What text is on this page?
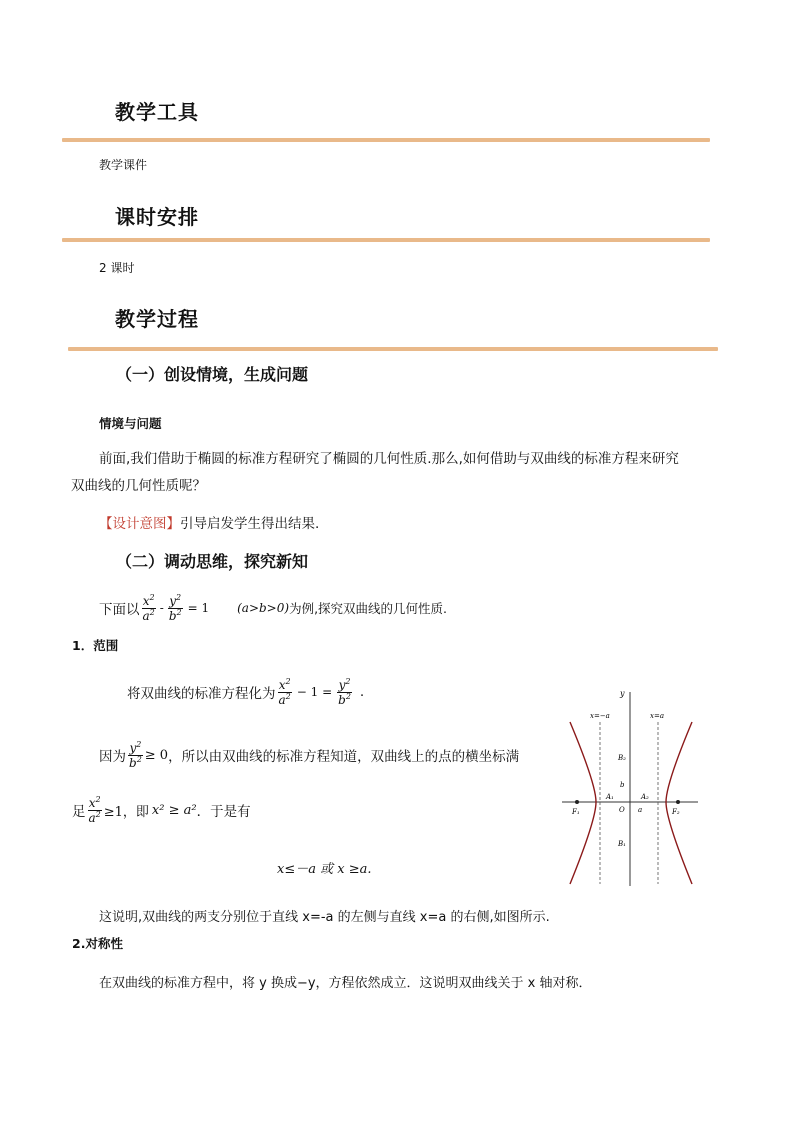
教学工具
教学课件
课时安排
2 课时
教学过程
（一）创设情境，生成问题
情境与问题
前面,我们借助于椭圆的标准方程研究了椭圆的几何性质.那么,如何借助与双曲线的标准方程来研究
双曲线的几何性质呢？
【设计意图】引导启发学生得出结果.
（二）调动思维，探究新知
下面以 $\frac{x^2}{a^2} - \frac{y^2}{b^2} = 1$ (a>b>0) 为例,探究双曲线的几何性质.
1．范围
将双曲线的标准方程化为 $\frac{x^2}{a^2} - 1 = \frac{y^2}{b^2}$ .
因为 $\frac{y^2}{b^2} \ge 0$ ，所以由双曲线的标准方程知道，双曲线上的点的横坐标满
足 $\frac{x^2}{a^2} \ge 1$，即 x² ≥ a² ．于是有
x≤－a 或 x ≥a.
这说明,双曲线的两支分别位于直线 x=-a 的左侧与直线 x=a 的右侧,如图所示.
2.对称性
在双曲线的标准方程中，将 y 换成−y，方程依然成立．这说明双曲线关于 x 轴对称．
y
x=−a	x=a
B₂
b
A₁	A₂
O a
F₁	F₂
B₁
